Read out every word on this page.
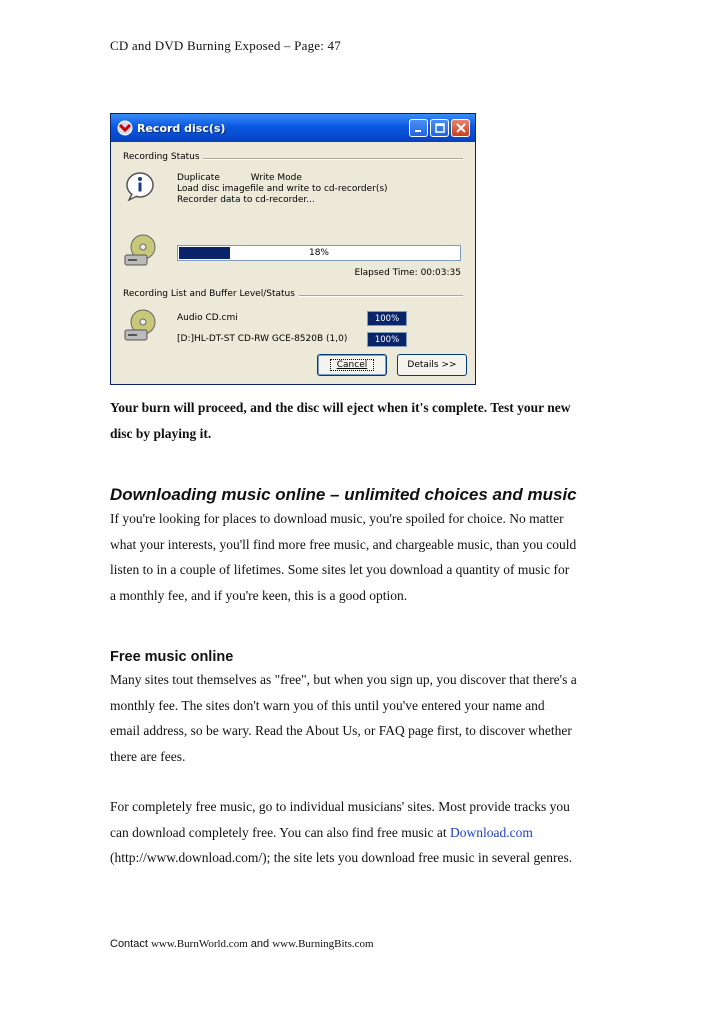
CD and DVD Burning Exposed – Page: 47
Record disc(s)
Recording Status
Duplicate	Write Mode
Load disc imagefile and write to cd-recorder(s)
Recorder data to cd-recorder...
18%
Elapsed Time: 00:03:35
Recording List and Buffer Level/Status
Audio CD.cmi	100%
[D:]HL-DT-ST CD-RW GCE-8520B (1,0)	100%
Cancel	Details >>
Your burn will proceed, and the disc will eject when it's complete. Test your new
disc by playing it.
Downloading music online – unlimited choices and music
If you're looking for places to download music, you're spoiled for choice. No matter
what your interests, you'll find more free music, and chargeable music, than you could
listen to in a couple of lifetimes. Some sites let you download a quantity of music for
a monthly fee, and if you're keen, this is a good option.
Free music online
Many sites tout themselves as "free", but when you sign up, you discover that there's a
monthly fee. The sites don't warn you of this until you've entered your name and
email address, so be wary. Read the About Us, or FAQ page first, to discover whether
there are fees.
For completely free music, go to individual musicians' sites. Most provide tracks you
can download completely free. You can also find free music at Download.com
(http://www.download.com/); the site lets you download free music in several genres.
Contact www.BurnWorld.com and www.BurningBits.com
